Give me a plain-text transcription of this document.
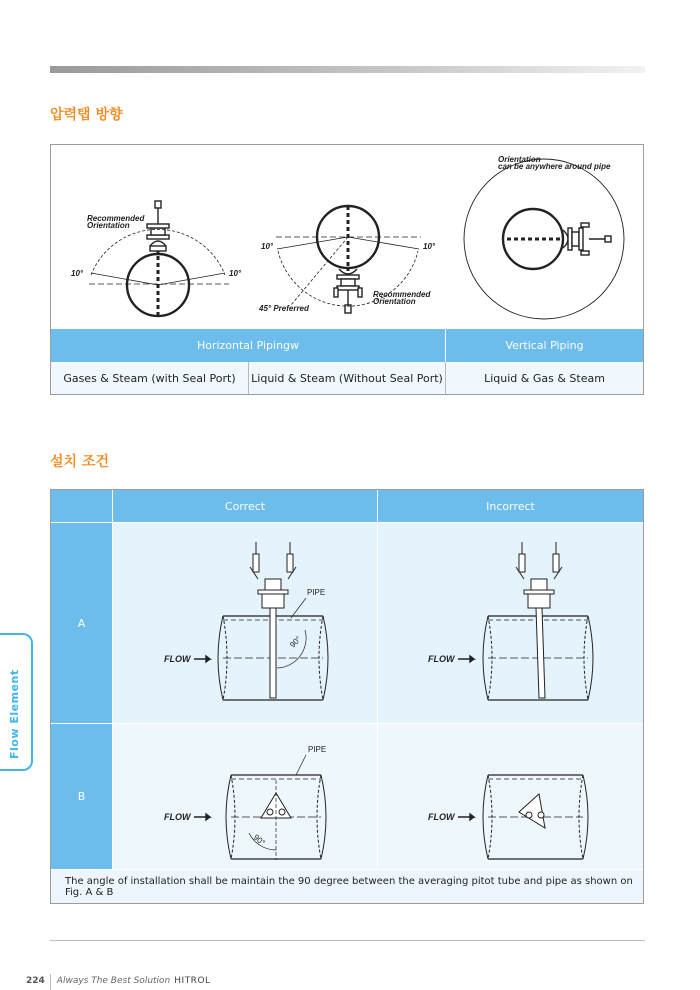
압력탭 방향
Recommended
Orientation
10°	10°
10°	10°
Recommended
Orientation
45° Preferred
Orientation
can be anywhere around pipe
Horizontal Pipingw	Vertical Piping
Gases & Steam (with Seal Port)	Liquid & Steam (Without Seal Port)	Liquid & Gas & Steam
설치 조건
Correct	Incorrect
A
B
PIPE
90°
FLOW	FLOW
PIPE
90°
FLOW	FLOW
The angle of installation shall be maintain the 90 degree between the averaging pitot tube and pipe as shown on Fig. A & B
Flow Element
224	Always The Best Solution HITROL
